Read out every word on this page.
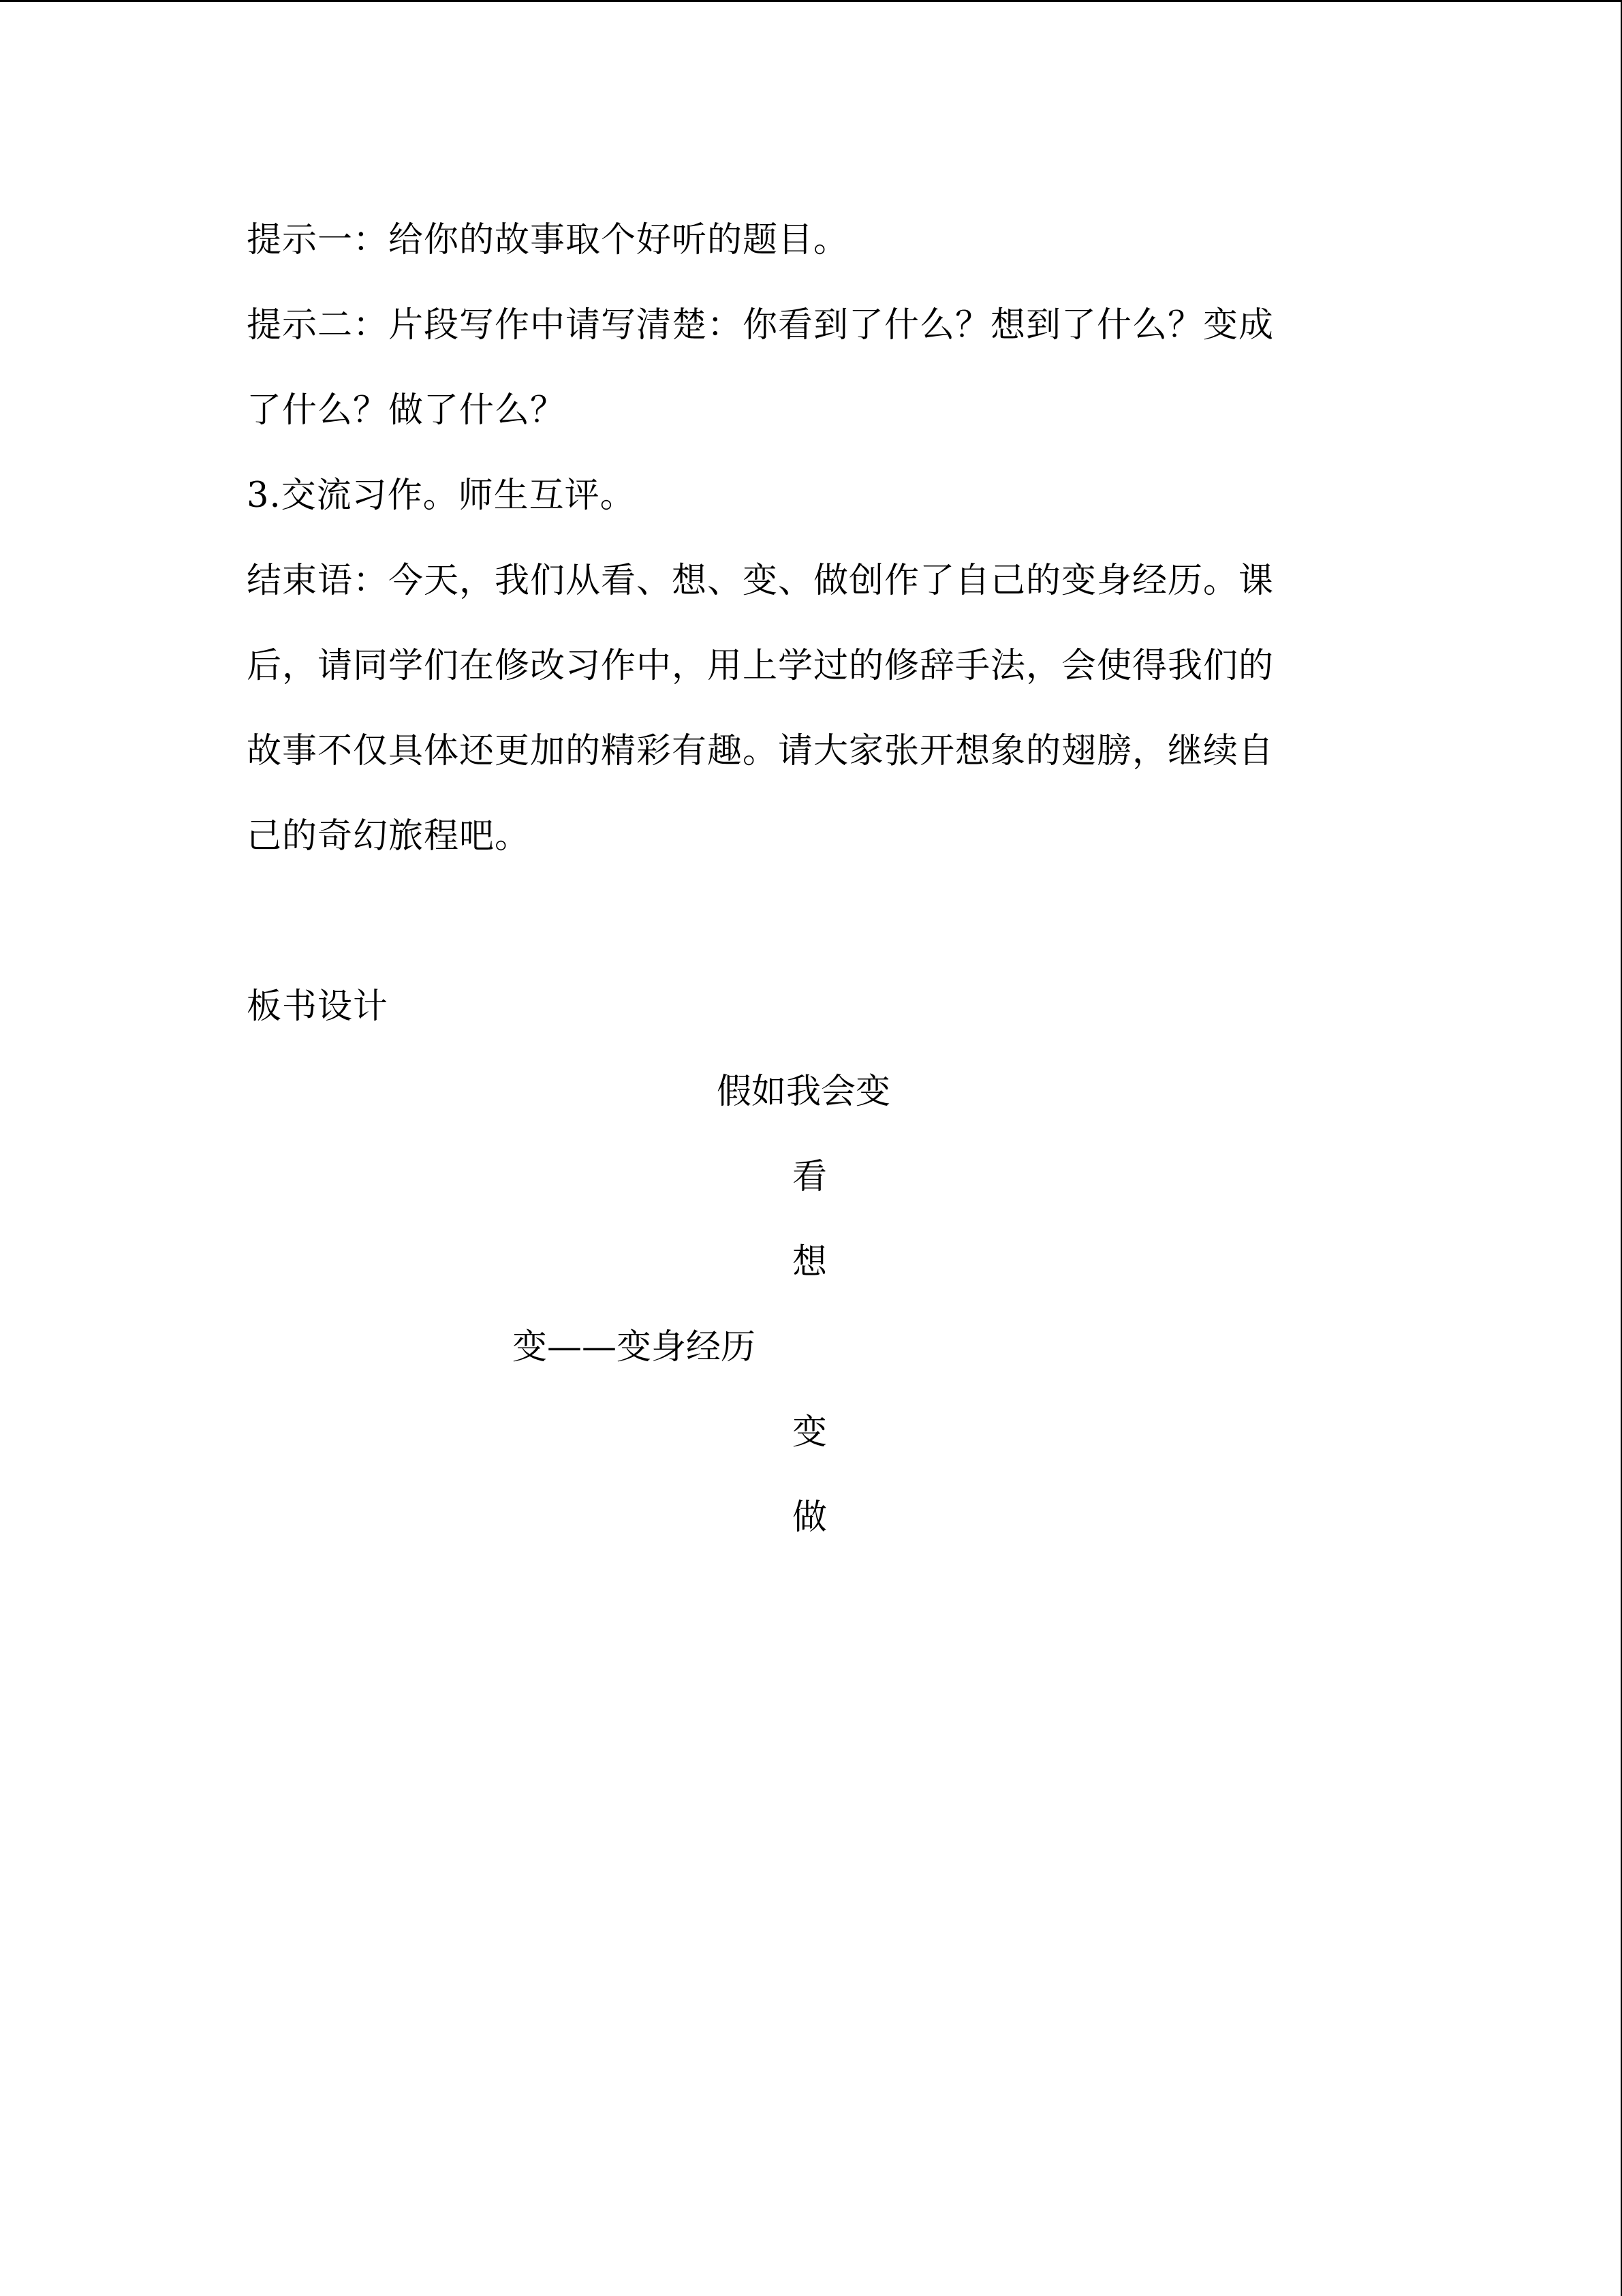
提示一：给你的故事取个好听的题目。
提示二：片段写作中请写清楚：你看到了什么？想到了什么？变成
了什么？做了什么？
3.交流习作。师生互评。
结束语：今天，我们从看、想、变、做创作了自己的变身经历。课
后，请同学们在修改习作中，用上学过的修辞手法，会使得我们的
故事不仅具体还更加的精彩有趣。请大家张开想象的翅膀，继续自
己的奇幻旅程吧。
板书设计
假如我会变
看
想
变——变身经历
变
做
